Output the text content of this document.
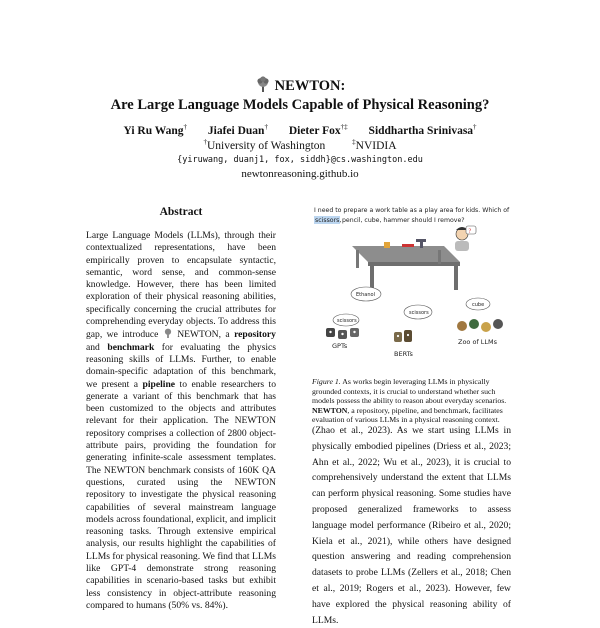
NEWTON:
Are Large Language Models Capable of Physical Reasoning?
Yi Ru Wang† Jiafei Duan† Dieter Fox†‡ Siddhartha Srinivasa†
†University of Washington	‡NVIDIA
{yiruwang, duanj1, fox, siddh}@cs.washington.edu
newtonreasoning.github.io
Abstract
Large Language Models (LLMs), through their contextualized representations, have been empirically proven to encapsulate syntactic, semantic, word sense, and common-sense knowledge. However, there has been limited exploration of their physical reasoning abilities, specifically concerning the crucial attributes for comprehending everyday objects. To address this gap, we introduce NEWTON, a repository and benchmark for evaluating the physics reasoning skills of LLMs. Further, to enable domain-specific adaptation of this benchmark, we present a pipeline to enable researchers to generate a variant of this benchmark that has been customized to the objects and attributes relevant for their application. The NEWTON repository comprises a collection of 2800 object-attribute pairs, providing the foundation for generating infinite-scale assessment templates. The NEWTON benchmark consists of 160K QA questions, curated using the NEWTON repository to investigate the physical reasoning capabilities of several mainstream language models across foundational, explicit, and implicit reasoning tasks. Through extensive empirical analysis, our results highlight the capabilities of LLMs for physical reasoning. We find that LLMs like GPT-4 demonstrate strong reasoning capabilities in scenario-based tasks but exhibit less consistency in object-attribute reasoning compared to humans (50% vs. 84%).
I need to prepare a work table as a play area for kids. Which of
scissors, pencil, cube, hammer should I remove?
?
Ethanol
scissors
scissors
cube
GPTs
BERTs
Zoo of LLMs
Figure 1. As works begin leveraging LLMs in physically grounded contexts, it is crucial to understand whether such models possess the ability to reason about everyday scenarios. NEWTON, a repository, pipeline, and benchmark, facilitates evaluation of various LLMs in a physical reasoning context.
(Zhao et al., 2023). As we start using LLMs in physically embodied pipelines (Driess et al., 2023; Ahn et al., 2022; Wu et al., 2023), it is crucial to comprehensively understand the extent that LLMs can perform physical reasoning. Some studies have proposed generalized frameworks to assess language model performance (Ribeiro et al., 2020; Kiela et al., 2021), while others have designed question answering and reading comprehension datasets to probe LLMs (Zellers et al., 2018; Chen et al., 2019; Rogers et al., 2023). However, few have explored the physical reasoning ability of LLMs.
